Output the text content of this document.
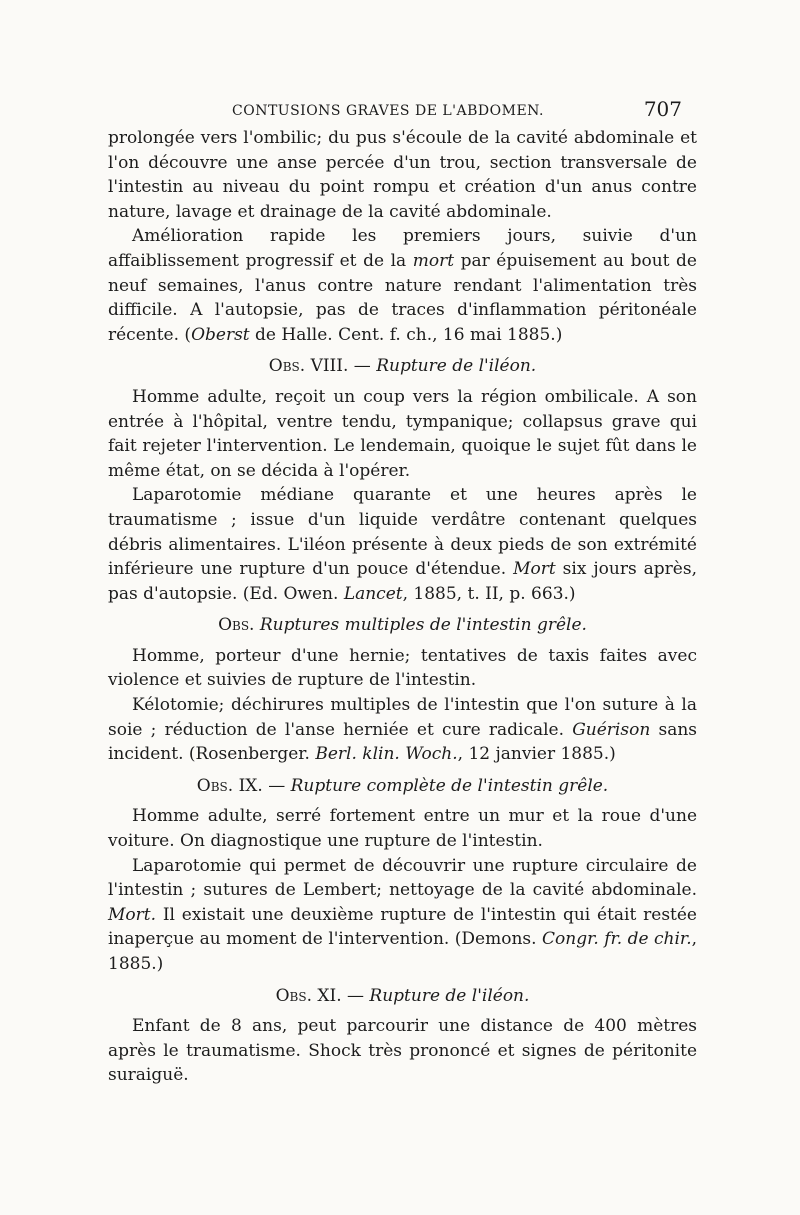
CONTUSIONS GRAVES DE L'ABDOMEN.	707

prolongée vers l'ombilic; du pus s'écoule de la cavité abdominale et l'on découvre une anse percée d'un trou, section transversale de l'intestin au niveau du point rompu et création d'un anus contre nature, lavage et drainage de la cavité abdominale.

Amélioration rapide les premiers jours, suivie d'un affaiblissement progressif et de la mort par épuisement au bout de neuf semaines, l'anus contre nature rendant l'alimentation très difficile. A l'autopsie, pas de traces d'inflammation péritonéale récente. (Oberst de Halle. Cent. f. ch., 16 mai 1885.)

Obs. VIII. — Rupture de l'iléon.

Homme adulte, reçoit un coup vers la région ombilicale. A son entrée à l'hôpital, ventre tendu, tympanique; collapsus grave qui fait rejeter l'intervention. Le lendemain, quoique le sujet fût dans le même état, on se décida à l'opérer.

Laparotomie médiane quarante et une heures après le traumatisme ; issue d'un liquide verdâtre contenant quelques débris alimentaires. L'iléon présente à deux pieds de son extrémité inférieure une rupture d'un pouce d'étendue. Mort six jours après, pas d'autopsie. (Ed. Owen. Lancet, 1885, t. II, p. 663.)

Obs. Ruptures multiples de l'intestin grêle.

Homme, porteur d'une hernie; tentatives de taxis faites avec violence et suivies de rupture de l'intestin.

Kélotomie; déchirures multiples de l'intestin que l'on suture à la soie ; réduction de l'anse herniée et cure radicale. Guérison sans incident. (Rosenberger. Berl. klin. Woch., 12 janvier 1885.)

Obs. IX. — Rupture complète de l'intestin grêle.

Homme adulte, serré fortement entre un mur et la roue d'une voiture. On diagnostique une rupture de l'intestin.

Laparotomie qui permet de découvrir une rupture circulaire de l'intestin ; sutures de Lembert; nettoyage de la cavité abdominale. Mort. Il existait une deuxième rupture de l'intestin qui était restée inaperçue au moment de l'intervention. (Demons. Congr. fr. de chir., 1885.)

Obs. XI. — Rupture de l'iléon.

Enfant de 8 ans, peut parcourir une distance de 400 mètres après le traumatisme. Shock très prononcé et signes de péritonite suraiguë.
